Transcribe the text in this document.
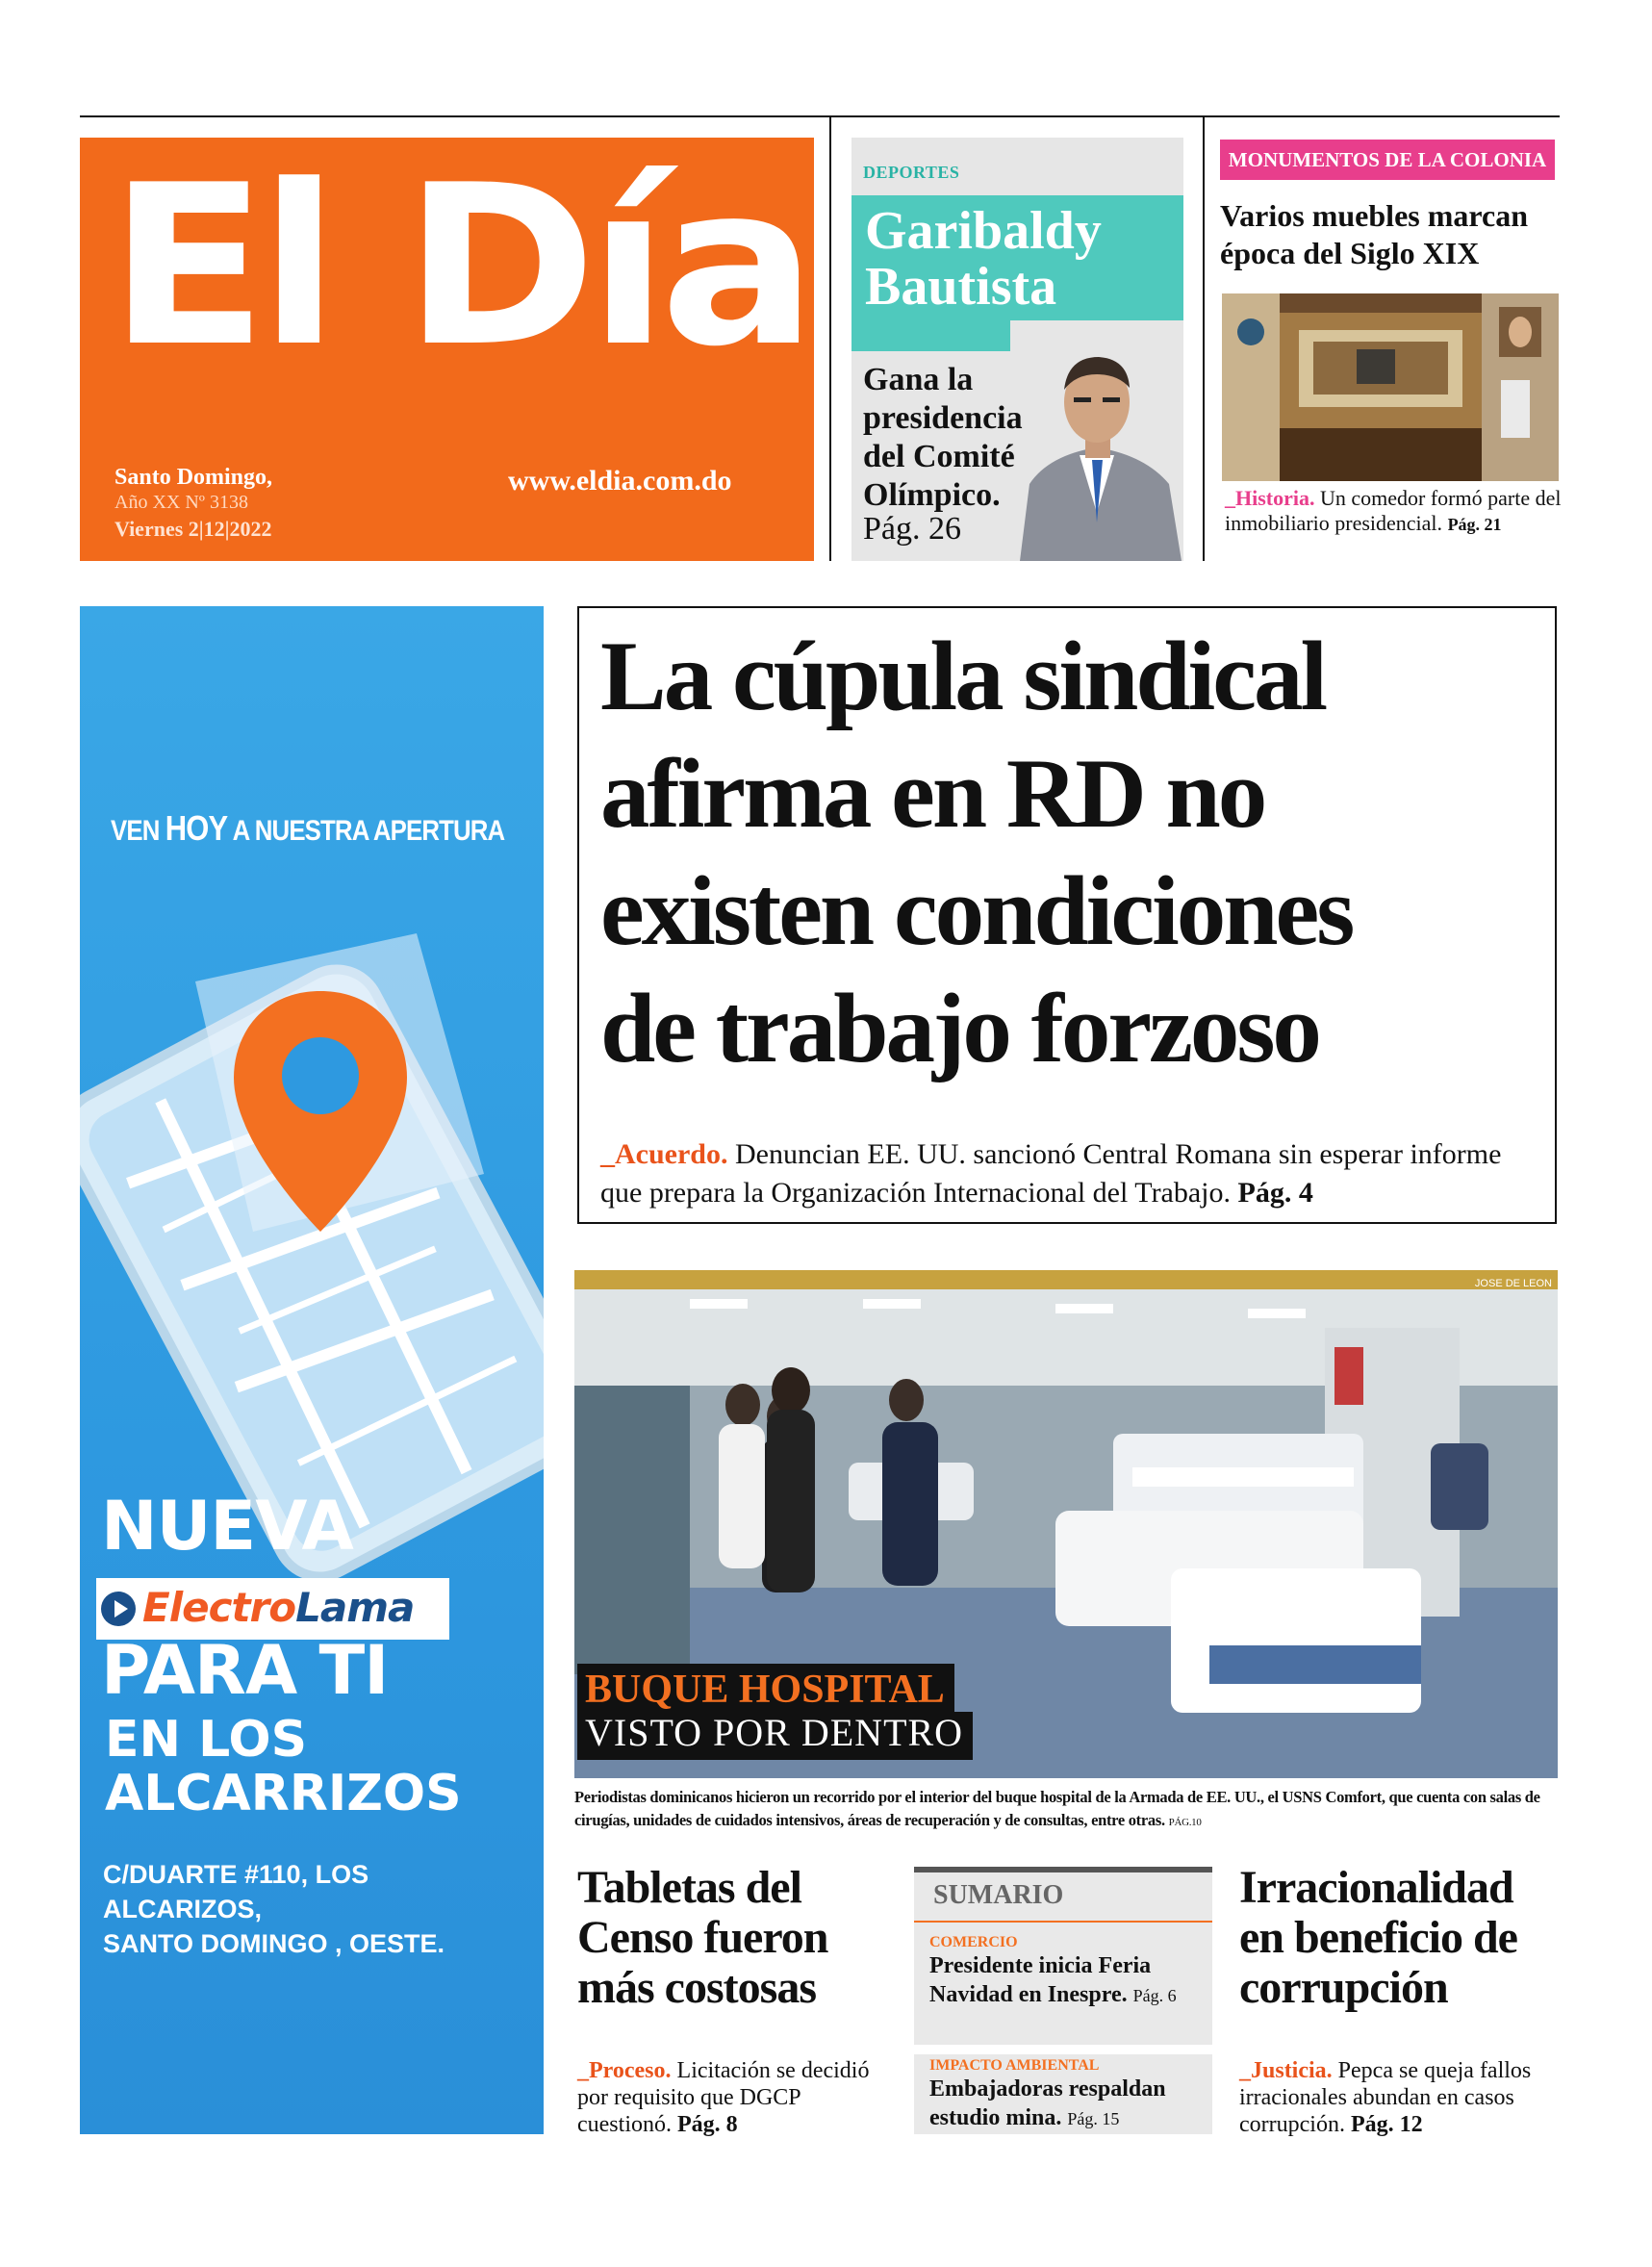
El Día
Santo Domingo,
Año XX Nº 3138
Viernes 2|12|2022
www.eldia.com.do
DEPORTES
Garibaldy
Bautista
Gana la presidencia del Comité Olímpico.
Pág. 26
MONUMENTOS DE LA COLONIA
Varios muebles marcan época del Siglo XIX
_Historia. Un comedor formó parte del inmobiliario presidencial. Pág. 21
VEN HOY A NUESTRA APERTURA
NUEVA
ElectroLama
PARA TI
EN LOS
ALCARRIZOS
C/DUARTE #110, LOS ALCARIZOS,
SANTO DOMINGO , OESTE.
La cúpula sindical
afirma en RD no
existen condiciones
de trabajo forzoso
_ Acuerdo. Denuncian EE. UU. sancionó Central Romana sin esperar informe que prepara la Organización Internacional del Trabajo. Pág. 4
JOSE DE LEON
BUQUE HOSPITAL
VISTO POR DENTRO
Periodistas dominicanos hicieron un recorrido por el interior del buque hospital de la Armada de EE. UU., el USNS Comfort, que cuenta con salas de cirugías, unidades de cuidados intensivos, áreas de recuperación y de consultas, entre otras. PÁG.10
Tabletas del Censo fueron más costosas
_ Proceso. Licitación se decidió por requisito que DGCP cuestionó. Pág. 8
SUMARIO
COMERCIO
Presidente inicia Feria Navidad en Inespre. Pág. 6
IMPACTO AMBIENTAL
Embajadoras respaldan estudio mina. Pág. 15
Irracionalidad en beneficio de corrupción
_ Justicia. Pepca se queja fallos irracionales abundan en casos corrupción. Pág. 12
